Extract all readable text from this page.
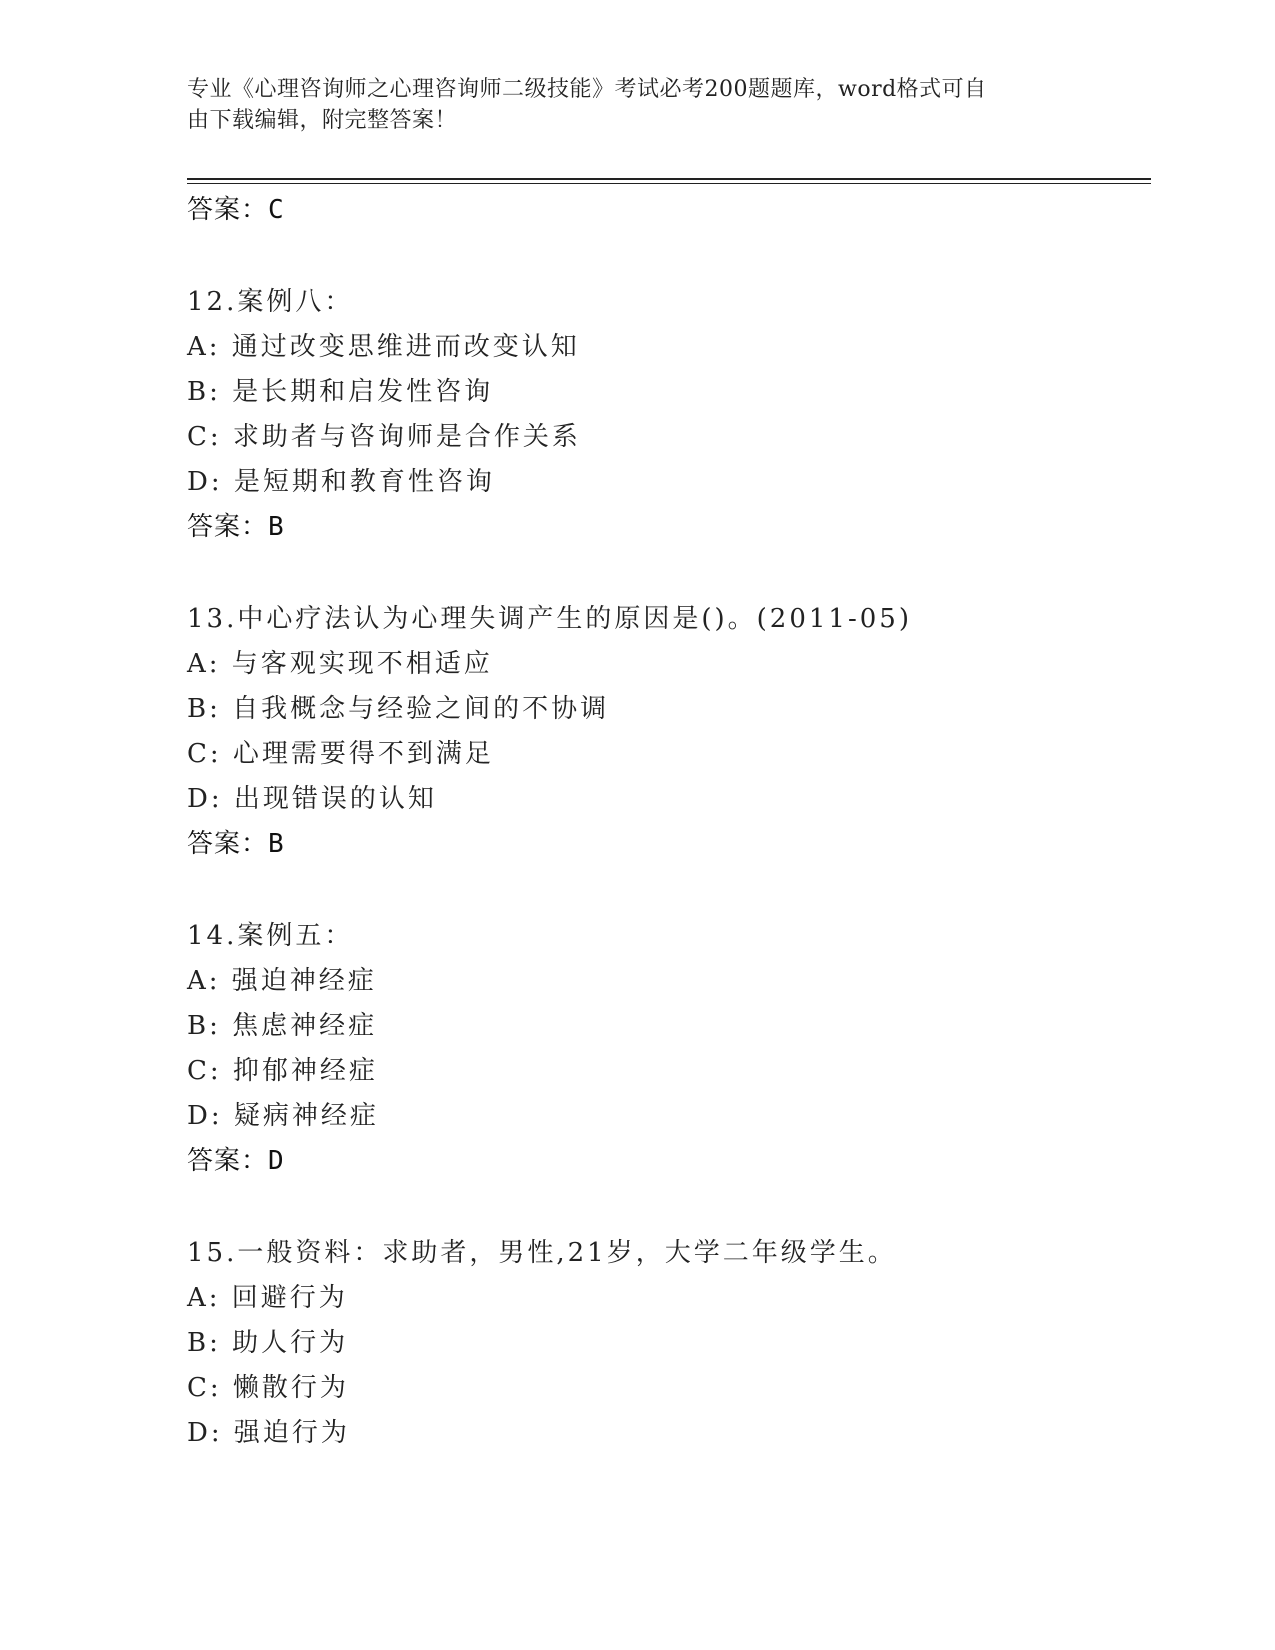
专业《心理咨询师之心理咨询师二级技能》考试必考200题题库，word格式可自
由下载编辑，附完整答案！
答案：C
12.案例八：
A: 通过改变思维进而改变认知
B: 是长期和启发性咨询
C: 求助者与咨询师是合作关系
D: 是短期和教育性咨询
答案：B
13.中心疗法认为心理失调产生的原因是()。(2011-05)
A: 与客观实现不相适应
B: 自我概念与经验之间的不协调
C: 心理需要得不到满足
D: 出现错误的认知
答案：B
14.案例五：
A: 强迫神经症
B: 焦虑神经症
C: 抑郁神经症
D: 疑病神经症
答案：D
15.一般资料：求助者，男性,21岁，大学二年级学生。
A: 回避行为
B: 助人行为
C: 懒散行为
D: 强迫行为
